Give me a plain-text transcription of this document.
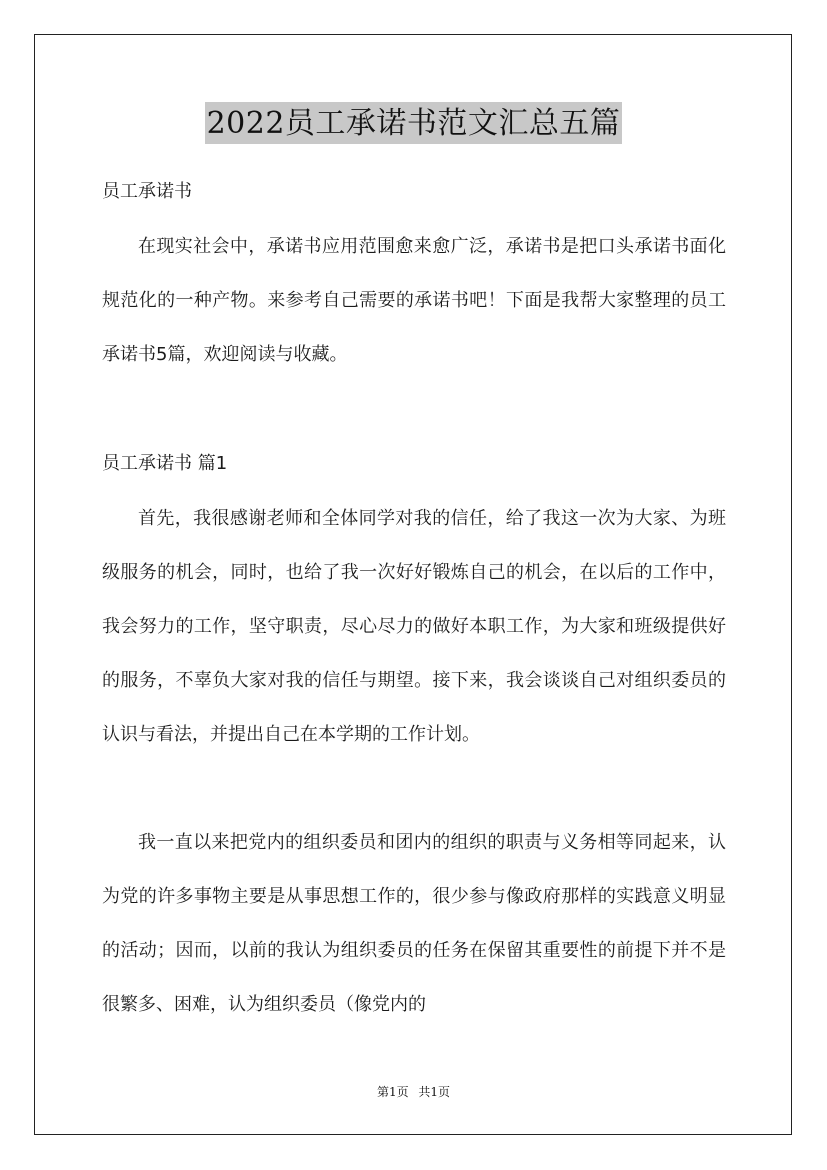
2022员工承诺书范文汇总五篇
员工承诺书
在现实社会中，承诺书应用范围愈来愈广泛，承诺书是把口头承诺书面化规范化的一种产物。来参考自己需要的承诺书吧！下面是我帮大家整理的员工承诺书5篇，欢迎阅读与收藏。
员工承诺书 篇1
首先，我很感谢老师和全体同学对我的信任，给了我这一次为大家、为班级服务的机会，同时，也给了我一次好好锻炼自己的机会，在以后的工作中，我会努力的工作，坚守职责，尽心尽力的做好本职工作，为大家和班级提供好的服务，不辜负大家对我的信任与期望。接下来，我会谈谈自己对组织委员的认识与看法，并提出自己在本学期的工作计划。
我一直以来把党内的组织委员和团内的组织的职责与义务相等同起来，认为党的许多事物主要是从事思想工作的，很少参与像政府那样的实践意义明显的活动；因而，以前的我认为组织委员的任务在保留其重要性的前提下并不是很繁多、困难，认为组织委员（像党内的
第1页 共1页
